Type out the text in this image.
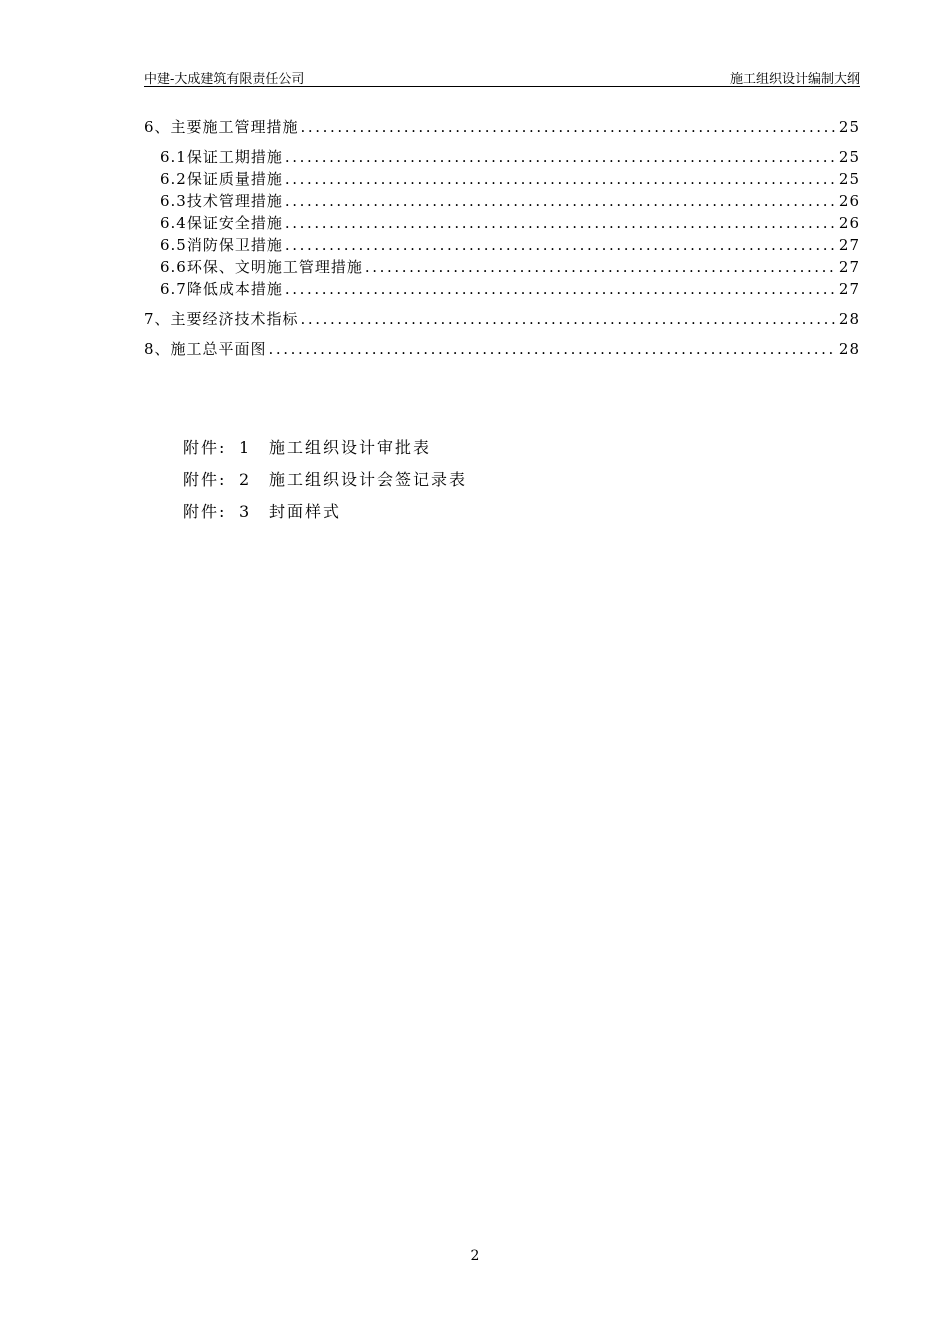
中建-大成建筑有限责任公司	施工组织设计编制大纲
6、主要施工管理措施 .....	25
6.1保证工期措施 .....	25
6.2保证质量措施 .....	25
6.3技术管理措施 .....	26
6.4保证安全措施 .....	26
6.5消防保卫措施 .....	27
6.6环保、文明施工管理措施 .....	27
6.7降低成本措施 .....	27
7、主要经济技术指标 .....	28
8、施工总平面图 .....	28
附件: 1 施工组织设计审批表
附件: 2 施工组织设计会签记录表
附件: 3 封面样式
2
